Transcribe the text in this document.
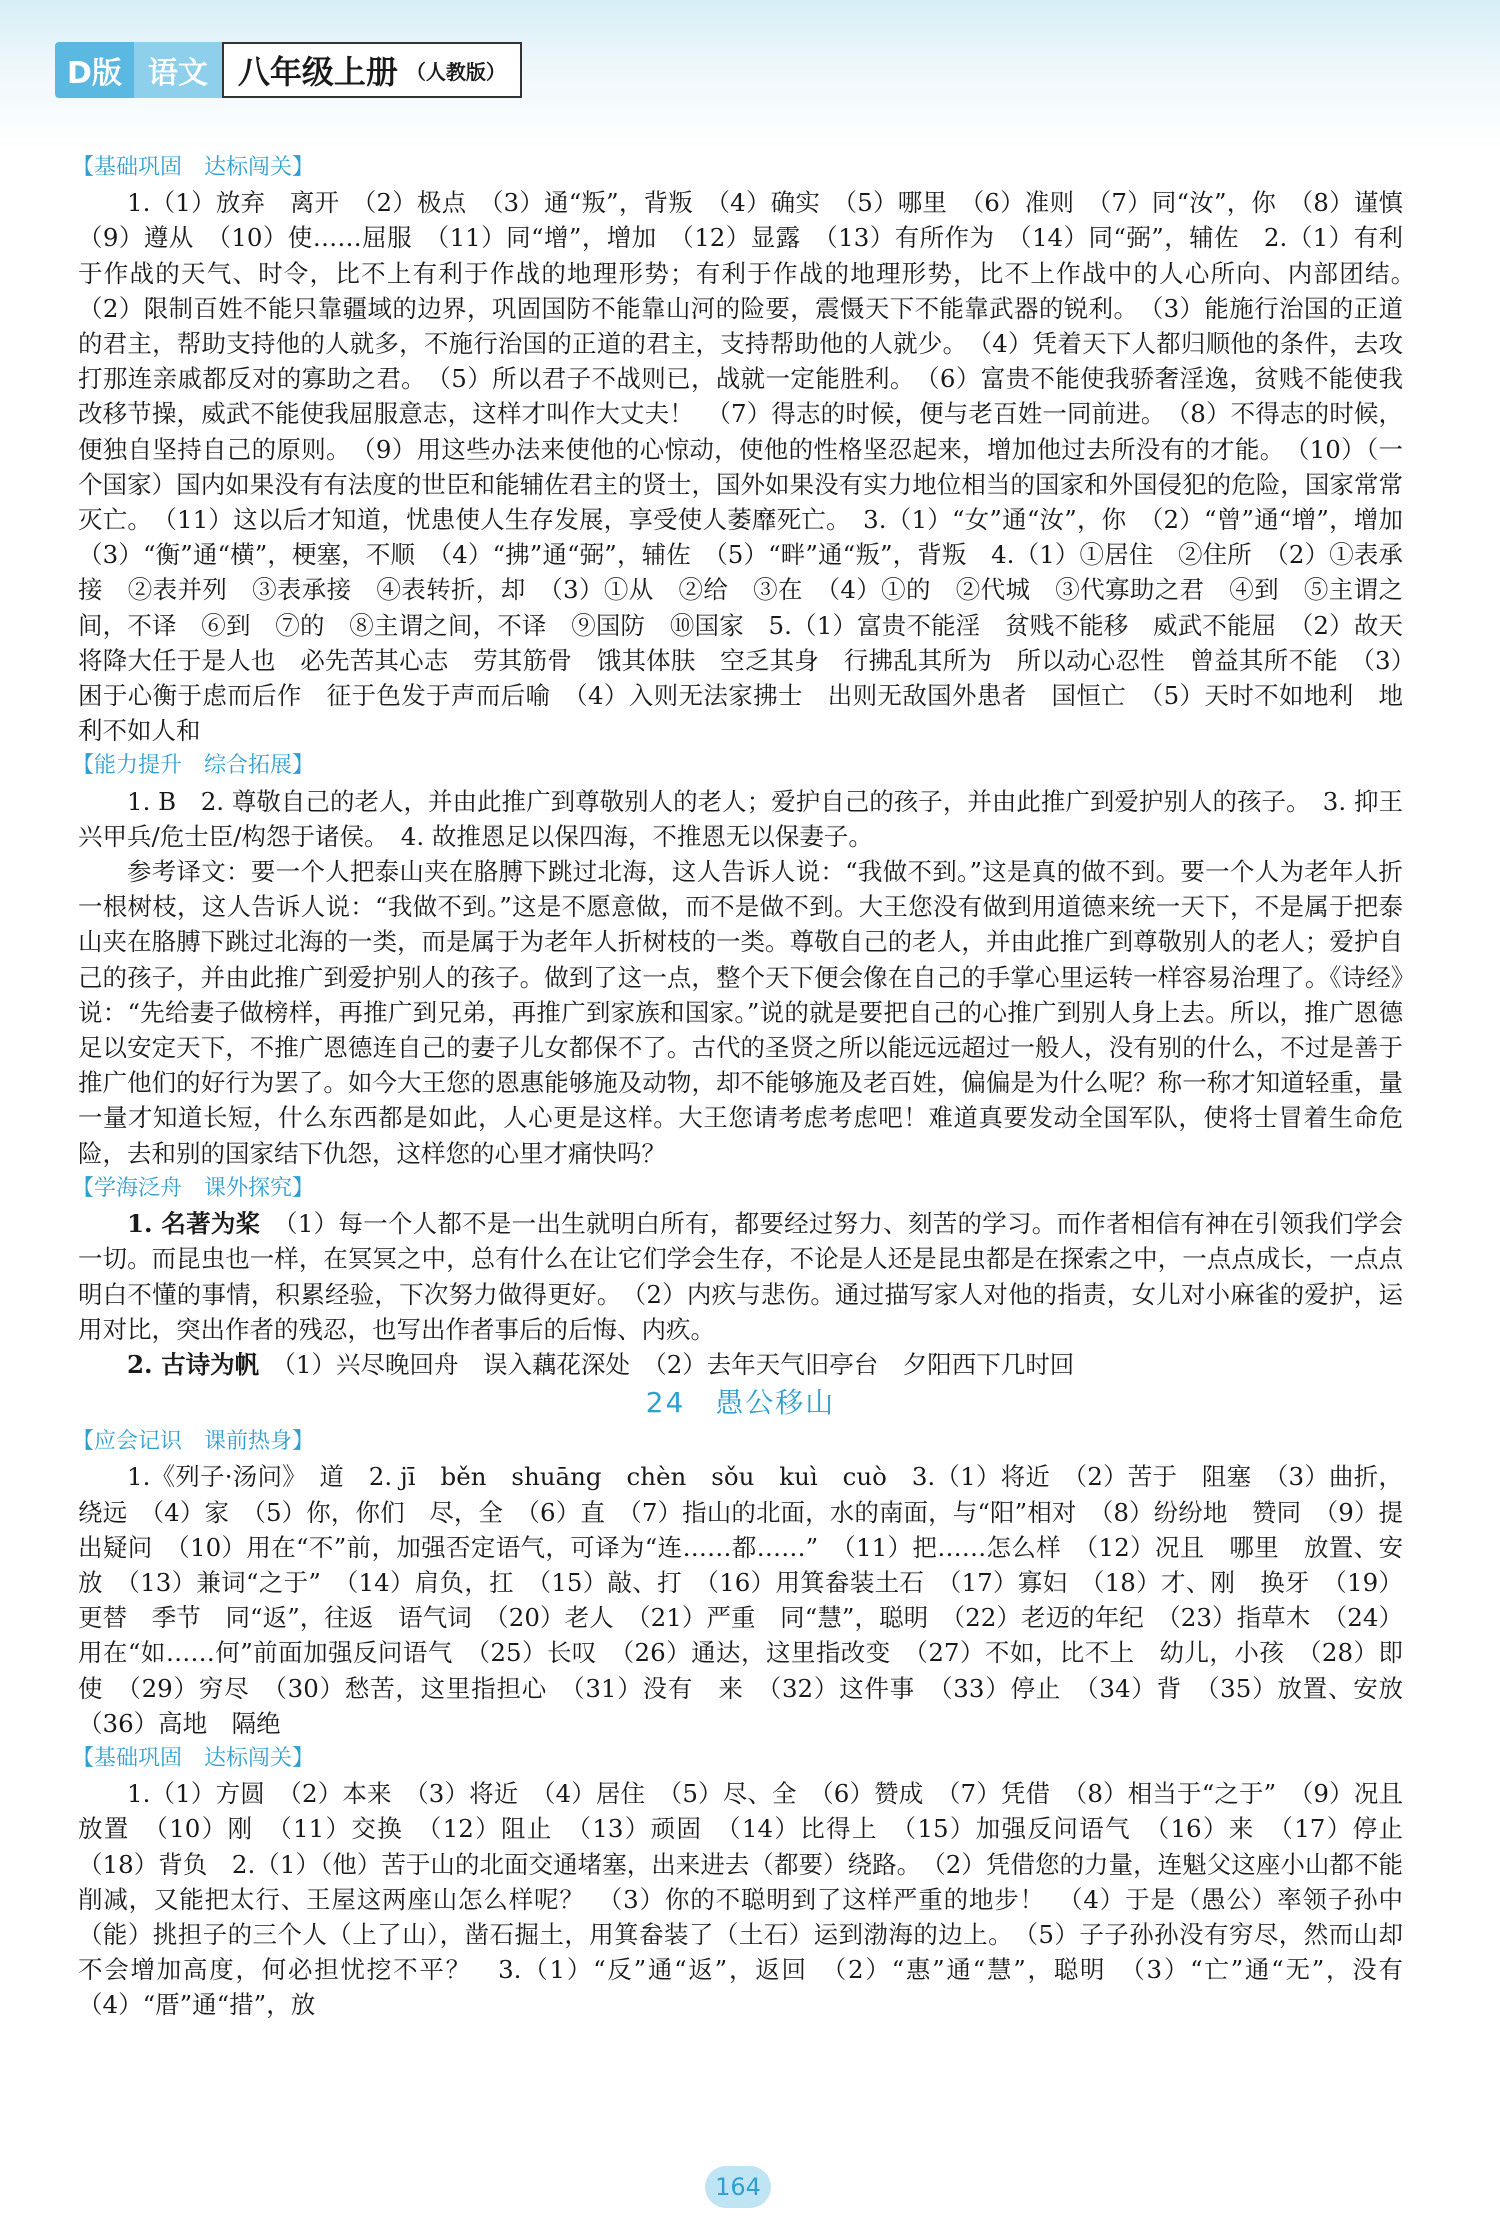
D版 语文 八年级上册 （人教版）
【 基础巩固　达标闯关 】

1.（1）放弃　离开　（2）极点　（3）通“叛”，背叛　（4）确实　（5）哪里　（6）准则　（7）同“汝”，你　（8）谨慎　（9）遵从　（10）使……屈服　（11）同“增”，增加　（12）显露　（13）有所作为　（14）同“弼”，辅佐　2.（1）有利于作战的天气、时令，比不上有利于作战的地理形势；有利于作战的地理形势，比不上作战中的人心所向、内部团结。　（2）限制百姓不能只靠疆域的边界，巩固国防不能靠山河的险要，震慑天下不能靠武器的锐利。　（3）能施行治国的正道的君主，帮助支持他的人就多，不施行治国的正道的君主，支持帮助他的人就少。　（4）凭着天下人都归顺他的条件，去攻打那连亲戚都反对的寡助之君。　（5）所以君子不战则已，战就一定能胜利。　（6）富贵不能使我骄奢淫逸，贫贱不能使我改移节操，威武不能使我屈服意志，这样才叫作大丈夫！　（7）得志的时候，便与老百姓一同前进。　（8）不得志的时候，便独自坚持自己的原则。　（9）用这些办法来使他的心惊动，使他的性格坚忍起来，增加他过去所没有的才能。　（10）（一个国家）国内如果没有有法度的世臣和能辅佐君主的贤士，国外如果没有实力地位相当的国家和外国侵犯的危险，国家常常灭亡。　（11）这以后才知道，忧患使人生存发展，享受使人萎靡死亡。　3.（1）“女”通“汝”，你　（2）“曾”通“增”，增加　（3）“衡”通“横”，梗塞，不顺　（4）“拂”通“弼”，辅佐　（5）“畔”通“叛”，背叛　4.（1）①居住　②住所　（2）①表承接　②表并列　③表承接　④表转折，却　（3）①从　②给　③在　（4）①的　②代城　③代寡助之君　④到　⑤主谓之间，不译　⑥到　⑦的　⑧主谓之间，不译　⑨国防　⑩国家　5.（1）富贵不能淫　贫贱不能移　威武不能屈　（2）故天将降大任于是人也　必先苦其心志　劳其筋骨　饿其体肤　空乏其身　行拂乱其所为　所以动心忍性　曾益其所不能　（3）困于心衡于虑而后作　征于色发于声而后喻　（4）入则无法家拂士　出则无敌国外患者　国恒亡　（5）天时不如地利　地利不如人和

【 能力提升　综合拓展 】

1. B　2. 尊敬自己的老人，并由此推广到尊敬别人的老人；爱护自己的孩子，并由此推广到爱护别人的孩子。　3. 抑王兴甲兵/危士臣/构怨于诸侯。　4. 故推恩足以保四海，不推恩无以保妻子。

参考译文：要一个人把泰山夹在胳膊下跳过北海，这人告诉人说：“我做不到。”这是真的做不到。要一个人为老年人折一根树枝，这人告诉人说：“我做不到。”这是不愿意做，而不是做不到。大王您没有做到用道德来统一天下，不是属于把泰山夹在胳膊下跳过北海的一类，而是属于为老年人折树枝的一类。尊敬自己的老人，并由此推广到尊敬别人的老人；爱护自己的孩子，并由此推广到爱护别人的孩子。做到了这一点，整个天下便会像在自己的手掌心里运转一样容易治理了。《诗经》说：“先给妻子做榜样，再推广到兄弟，再推广到家族和国家。”说的就是要把自己的心推广到别人身上去。所以，推广恩德足以安定天下，不推广恩德连自己的妻子儿女都保不了。古代的圣贤之所以能远远超过一般人，没有别的什么，不过是善于推广他们的好行为罢了。如今大王您的恩惠能够施及动物，却不能够施及老百姓，偏偏是为什么呢？称一称才知道轻重，量一量才知道长短，什么东西都是如此，人心更是这样。大王您请考虑考虑吧！难道真要发动全国军队，使将士冒着生命危险，去和别的国家结下仇怨，这样您的心里才痛快吗？

【 学海泛舟　课外探究 】

1. 名著为桨　（1）每一个人都不是一出生就明白所有，都要经过努力、刻苦的学习。而作者相信有神在引领我们学会一切。而昆虫也一样，在冥冥之中，总有什么在让它们学会生存，不论是人还是昆虫都是在探索之中，一点点成长，一点点明白不懂的事情，积累经验，下次努力做得更好。　（2）内疚与悲伤。通过描写家人对他的指责，女儿对小麻雀的爱护，运用对比，突出作者的残忍，也写出作者事后的后悔、内疚。

2. 古诗为帆　（1）兴尽晚回舟　误入藕花深处　（2）去年天气旧亭台　夕阳西下几时回

24　愚公移山
【 应会记识　课前热身 】

1.《列子·汤问》　道　2. jī　běn　shuāng　chèn　sǒu　kuì　cuò　3.（1）将近　（2）苦于　阻塞　（3）曲折，绕远　（4）家　（5）你，你们　尽，全　（6）直　（7）指山的北面，水的南面，与“阳”相对　（8）纷纷地　赞同　（9）提出疑问　（10）用在“不”前，加强否定语气，可译为“连……都……”　（11）把……怎么样　（12）况且　哪里　放置、安放　（13）兼词“之于”　（14）肩负，扛　（15）敲、打　（16）用箕畚装土石　（17）寡妇　（18）才、刚　换牙　（19）更替　季节　同“返”，往返　语气词　（20）老人　（21）严重　同“慧”，聪明　（22）老迈的年纪　（23）指草木　（24）用在“如……何”前面加强反问语气　（25）长叹　（26）通达，这里指改变　（27）不如，比不上　幼儿，小孩　（28）即使　（29）穷尽　（30）愁苦，这里指担心　（31）没有　来　（32）这件事　（33）停止　（34）背　（35）放置、安放　（36）高地　隔绝

【 基础巩固　达标闯关 】

1.（1）方圆　（2）本来　（3）将近　（4）居住　（5）尽、全　（6）赞成　（7）凭借　（8）相当于“之于”　（9）况且　放置　（10）刚　（11）交换　（12）阻止　（13）顽固　（14）比得上　（15）加强反问语气　（16）来　（17）停止　（18）背负　2.（1）（他）苦于山的北面交通堵塞，出来进去（都要）绕路。　（2）凭借您的力量，连魁父这座小山都不能削减，又能把太行、王屋这两座山怎么样呢？　（3）你的不聪明到了这样严重的地步！　（4）于是（愚公）率领子孙中（能）挑担子的三个人（上了山），凿石掘土，用箕畚装了（土石）运到渤海的边上。　（5）子子孙孙没有穷尽，然而山却不会增加高度，何必担忧挖不平？　3.（1）“反”通“返”，返回　（2）“惠”通“慧”，聪明　（3）“亡”通“无”，没有　（4）“厝”通“措”，放

164
